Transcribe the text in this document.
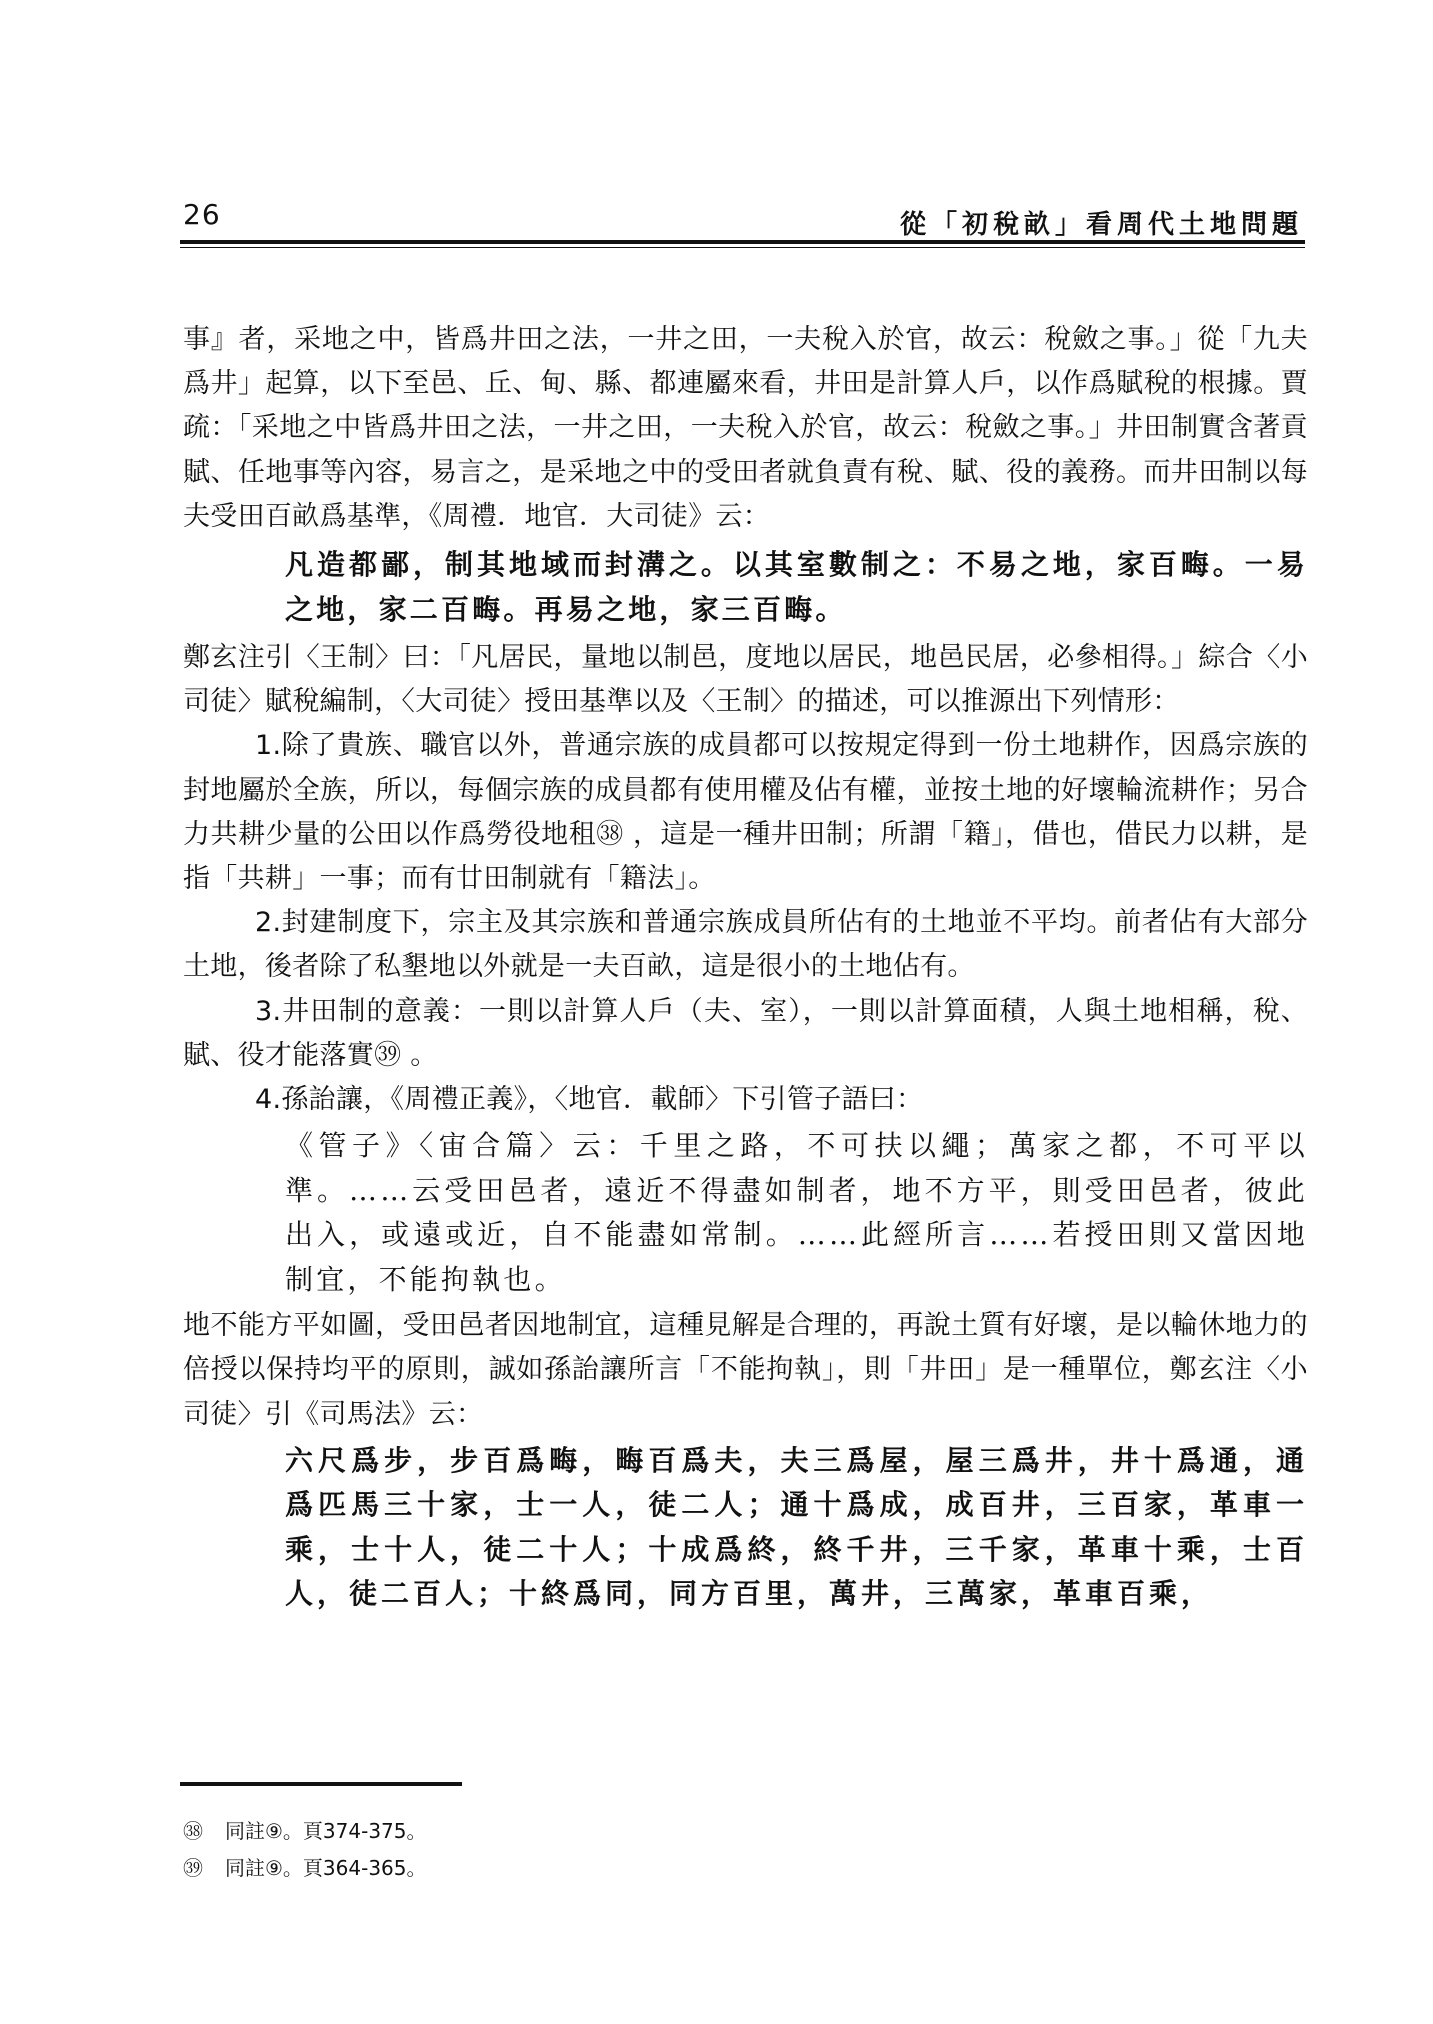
26	從「初稅畝」看周代土地問題

事』者，采地之中，皆爲井田之法，一井之田，一夫稅入於官，故云：稅斂之事。」從「九夫爲井」起算，以下至邑、丘、甸、縣、都連屬來看，井田是計算人戶，以作爲賦稅的根據。賈疏：「采地之中皆爲井田之法，一井之田，一夫稅入於官，故云：稅斂之事。」井田制實含著貢賦、任地事等內容，易言之，是采地之中的受田者就負責有稅、賦、役的義務。而井田制以每夫受田百畝爲基準，《周禮．地官．大司徒》云：

凡造都鄙，制其地域而封溝之。以其室數制之：不易之地，家百畮。一易之地，家二百畮。再易之地，家三百畮。

鄭玄注引〈王制〉曰：「凡居民，量地以制邑，度地以居民，地邑民居，必參相得。」綜合〈小司徒〉賦稅編制，〈大司徒〉授田基準以及〈王制〉的描述，可以推源出下列情形：

1.除了貴族、職官以外，普通宗族的成員都可以按規定得到一份土地耕作，因爲宗族的封地屬於全族，所以，每個宗族的成員都有使用權及佔有權，並按土地的好壞輪流耕作；另合力共耕少量的公田以作爲勞役地租㊳ ，這是一種井田制；所謂「籍」，借也，借民力以耕，是指「共耕」一事；而有廿田制就有「籍法」。

2.封建制度下，宗主及其宗族和普通宗族成員所佔有的土地並不平均。前者佔有大部分土地，後者除了私墾地以外就是一夫百畝，這是很小的土地佔有。

3.井田制的意義：一則以計算人戶（夫、室），一則以計算面積，人與土地相稱，稅、賦、役才能落實㊴ 。

4.孫詒讓，《周禮正義》，〈地官．載師〉下引管子語曰：

《管子》〈宙合篇〉云：千里之路，不可扶以繩；萬家之都，不可平以準。……云受田邑者，遠近不得盡如制者，地不方平，則受田邑者，彼此出入，或遠或近，自不能盡如常制。……此經所言……若授田則又當因地制宜，不能拘執也。

地不能方平如圖，受田邑者因地制宜，這種見解是合理的，再說土質有好壞，是以輪休地力的倍授以保持均平的原則，誠如孫詒讓所言「不能拘執」，則「井田」是一種單位，鄭玄注〈小司徒〉引《司馬法》云：

六尺爲步，步百爲畮，畮百爲夫，夫三爲屋，屋三爲井，井十爲通，通爲匹馬三十家，士一人，徒二人；通十爲成，成百井，三百家，革車一乘，士十人，徒二十人；十成爲終，終千井，三千家，革車十乘，士百人，徒二百人；十終爲同，同方百里，萬井，三萬家，革車百乘，

㊳ 同註⑨。頁374-375。
㊴ 同註⑨。頁364-365。
